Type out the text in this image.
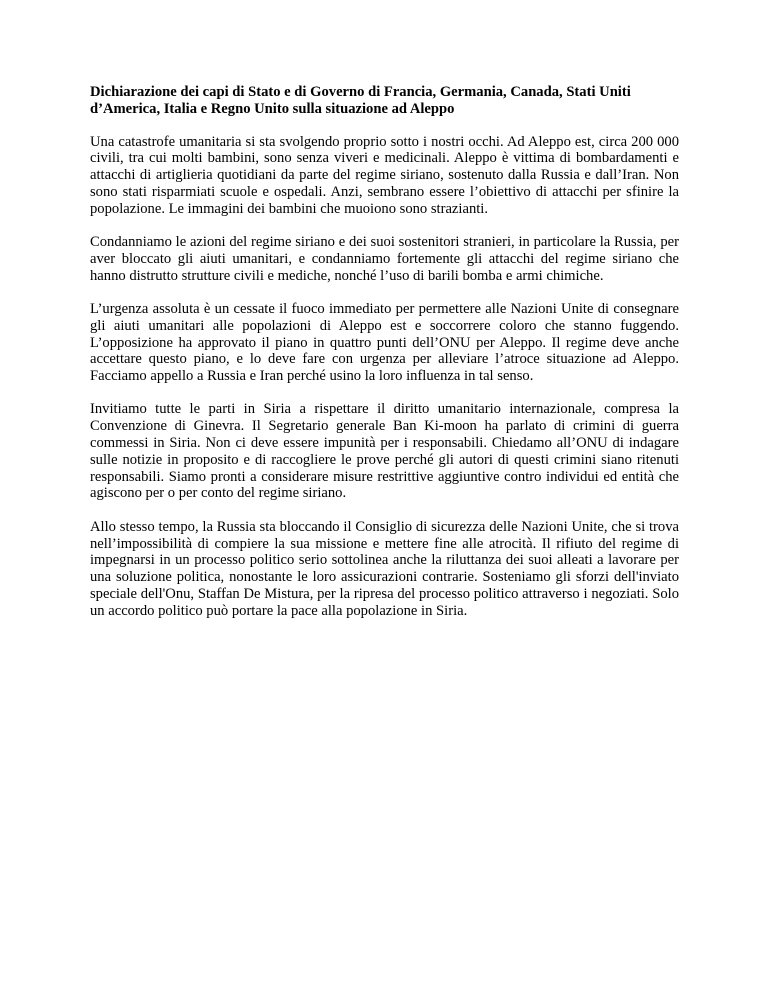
Dichiarazione dei capi di Stato e di Governo di Francia, Germania, Canada, Stati Uniti d’America, Italia e Regno Unito sulla situazione ad Aleppo

Una catastrofe umanitaria si sta svolgendo proprio sotto i nostri occhi. Ad Aleppo est, circa 200 000 civili, tra cui molti bambini, sono senza viveri e medicinali. Aleppo è vittima di bombardamenti e attacchi di artiglieria quotidiani da parte del regime siriano, sostenuto dalla Russia e dall’Iran. Non sono stati risparmiati scuole e ospedali. Anzi, sembrano essere l’obiettivo di attacchi per sfinire la popolazione. Le immagini dei bambini che muoiono sono strazianti.

Condanniamo le azioni del regime siriano e dei suoi sostenitori stranieri, in particolare la Russia, per aver bloccato gli aiuti umanitari, e condanniamo fortemente gli attacchi del regime siriano che hanno distrutto strutture civili e mediche, nonché l’uso di barili bomba e armi chimiche.

L’urgenza assoluta è un cessate il fuoco immediato per permettere alle Nazioni Unite di consegnare gli aiuti umanitari alle popolazioni di Aleppo est e soccorrere coloro che stanno fuggendo. L’opposizione ha approvato il piano in quattro punti dell’ONU per Aleppo. Il regime deve anche accettare questo piano, e lo deve fare con urgenza per alleviare l’atroce situazione ad Aleppo. Facciamo appello a Russia e Iran perché usino la loro influenza in tal senso.

Invitiamo tutte le parti in Siria a rispettare il diritto umanitario internazionale, compresa la Convenzione di Ginevra. Il Segretario generale Ban Ki-moon ha parlato di crimini di guerra commessi in Siria. Non ci deve essere impunità per i responsabili. Chiedamo all’ONU di indagare sulle notizie in proposito e di raccogliere le prove perché gli autori di questi crimini siano ritenuti responsabili. Siamo pronti a considerare misure restrittive aggiuntive contro individui ed entità che agiscono per o per conto del regime siriano.

Allo stesso tempo, la Russia sta bloccando il Consiglio di sicurezza delle Nazioni Unite, che si trova nell’impossibilità di compiere la sua missione e mettere fine alle atrocità. Il rifiuto del regime di impegnarsi in un processo politico serio sottolinea anche la riluttanza dei suoi alleati a lavorare per una soluzione politica, nonostante le loro assicurazioni contrarie. Sosteniamo gli sforzi dell'inviato speciale dell'Onu, Staffan De Mistura, per la ripresa del processo politico attraverso i negoziati. Solo un accordo politico può portare la pace alla popolazione in Siria.
